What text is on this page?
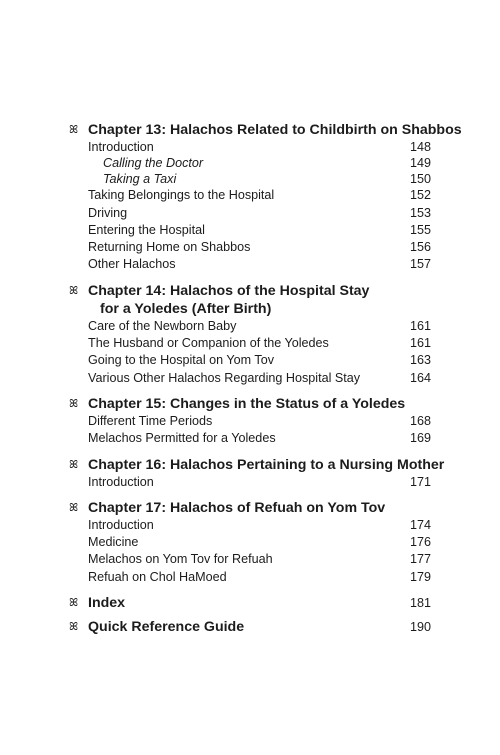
ꕤ Chapter 13: Halachos Related to Childbirth on Shabbos
Introduction	148
Calling the Doctor	149
Taking a Taxi	150
Taking Belongings to the Hospital	152
Driving	153
Entering the Hospital	155
Returning Home on Shabbos	156
Other Halachos	157
ꕤ Chapter 14: Halachos of the Hospital Stay
for a Yoledes (After Birth)
Care of the Newborn Baby	161
The Husband or Companion of the Yoledes	161
Going to the Hospital on Yom Tov	163
Various Other Halachos Regarding Hospital Stay	164
ꕤ Chapter 15: Changes in the Status of a Yoledes
Different Time Periods	168
Melachos Permitted for a Yoledes	169
ꕤ Chapter 16: Halachos Pertaining to a Nursing Mother
Introduction	171
ꕤ Chapter 17: Halachos of Refuah on Yom Tov
Introduction	174
Medicine	176
Melachos on Yom Tov for Refuah	177
Refuah on Chol HaMoed	179
ꕤ Index	181
ꕤ Quick Reference Guide	190
